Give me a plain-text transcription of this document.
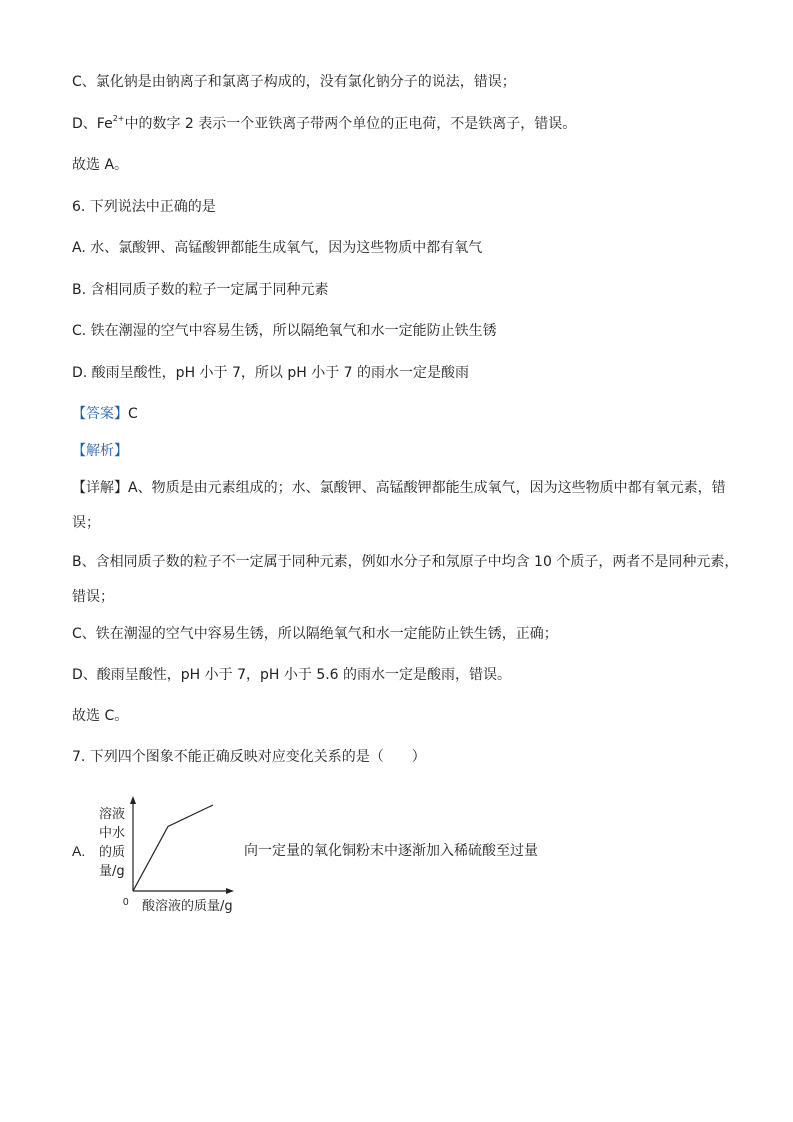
C、氯化钠是由钠离子和氯离子构成的，没有氯化钠分子的说法，错误；
D、$Fe^{2+}$中的数字 2 表示一个亚铁离子带两个单位的正电荷，不是铁离子，错误。
故选 A。
6. 下列说法中正确的是
A. 水、氯酸钾、高锰酸钾都能生成氧气，因为这些物质中都有氧气
B. 含相同质子数的粒子一定属于同种元素
C. 铁在潮湿的空气中容易生锈，所以隔绝氧气和水一定能防止铁生锈
D. 酸雨呈酸性，pH 小于 7，所以 pH 小于 7 的雨水一定是酸雨
【答案】C
【解析】
【详解】A、物质是由元素组成的；水、氯酸钾、高锰酸钾都能生成氧气，因为这些物质中都有氧元素，错
误；
B、含相同质子数的粒子不一定属于同种元素，例如水分子和氖原子中均含 10 个质子，两者不是同种元素，
错误；
C、铁在潮湿的空气中容易生锈，所以隔绝氧气和水一定能防止铁生锈，正确；
D、酸雨呈酸性，pH 小于 7，pH 小于 5.6 的雨水一定是酸雨，错误。
故选 C。
7. 下列四个图象不能正确反映对应变化关系的是（　　）
A.
溶液
中水
的质
量/g
0 酸溶液的质量/g
向一定量的氧化铜粉末中逐渐加入稀硫酸至过量
